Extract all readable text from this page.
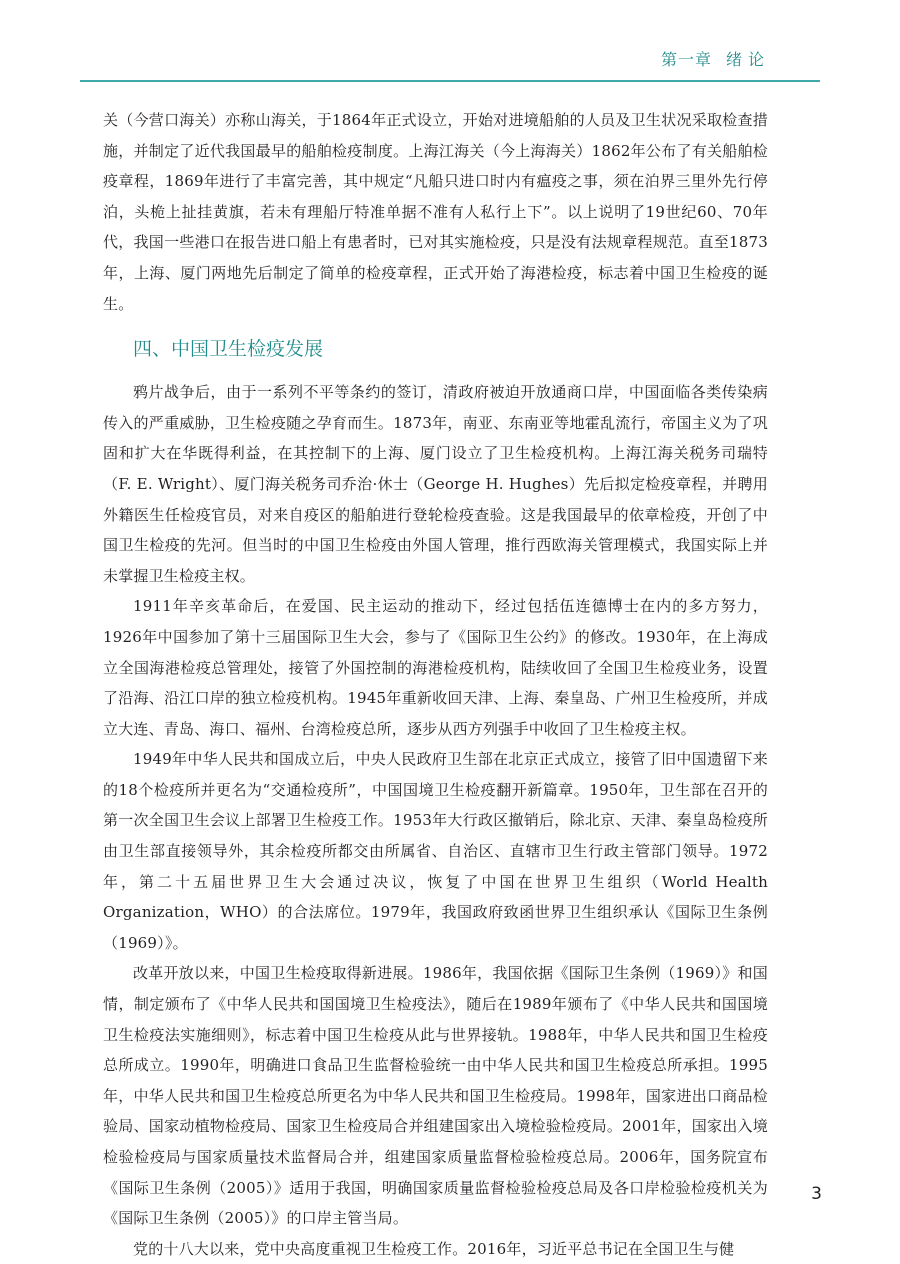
第一章 绪论

关（今营口海关）亦称山海关，于1864年正式设立，开始对进境船舶的人员及卫生状况采取检查措施，并制定了近代我国最早的船舶检疫制度。上海江海关（今上海海关）1862年公布了有关船舶检疫章程，1869年进行了丰富完善，其中规定“凡船只进口时内有瘟疫之事，须在泊界三里外先行停泊，头桅上扯挂黄旗，若未有理船厅特准单据不准有人私行上下”。以上说明了19世纪60、70年代，我国一些港口在报告进口船上有患者时，已对其实施检疫，只是没有法规章程规范。直至1873年，上海、厦门两地先后制定了简单的检疫章程，正式开始了海港检疫，标志着中国卫生检疫的诞生。

四、中国卫生检疫发展

鸦片战争后，由于一系列不平等条约的签订，清政府被迫开放通商口岸，中国面临各类传染病传入的严重威胁，卫生检疫随之孕育而生。1873年，南亚、东南亚等地霍乱流行，帝国主义为了巩固和扩大在华既得利益，在其控制下的上海、厦门设立了卫生检疫机构。上海江海关税务司瑞特（F. E. Wright）、厦门海关税务司乔治·休士（George H. Hughes）先后拟定检疫章程，并聘用外籍医生任检疫官员，对来自疫区的船舶进行登轮检疫查验。这是我国最早的依章检疫，开创了中国卫生检疫的先河。但当时的中国卫生检疫由外国人管理，推行西欧海关管理模式，我国实际上并未掌握卫生检疫主权。

1911年辛亥革命后，在爱国、民主运动的推动下，经过包括伍连德博士在内的多方努力，1926年中国参加了第十三届国际卫生大会，参与了《国际卫生公约》的修改。1930年，在上海成立全国海港检疫总管理处，接管了外国控制的海港检疫机构，陆续收回了全国卫生检疫业务，设置了沿海、沿江口岸的独立检疫机构。1945年重新收回天津、上海、秦皇岛、广州卫生检疫所，并成立大连、青岛、海口、福州、台湾检疫总所，逐步从西方列强手中收回了卫生检疫主权。

1949年中华人民共和国成立后，中央人民政府卫生部在北京正式成立，接管了旧中国遗留下来的18个检疫所并更名为“交通检疫所”，中国国境卫生检疫翻开新篇章。1950年，卫生部在召开的第一次全国卫生会议上部署卫生检疫工作。1953年大行政区撤销后，除北京、天津、秦皇岛检疫所由卫生部直接领导外，其余检疫所都交由所属省、自治区、直辖市卫生行政主管部门领导。1972年，第二十五届世界卫生大会通过决议，恢复了中国在世界卫生组织（World Health Organization，WHO）的合法席位。1979年，我国政府致函世界卫生组织承认《国际卫生条例（1969）》。

改革开放以来，中国卫生检疫取得新进展。1986年，我国依据《国际卫生条例（1969）》和国情，制定颁布了《中华人民共和国国境卫生检疫法》，随后在1989年颁布了《中华人民共和国国境卫生检疫法实施细则》，标志着中国卫生检疫从此与世界接轨。1988年，中华人民共和国卫生检疫总所成立。1990年，明确进口食品卫生监督检验统一由中华人民共和国卫生检疫总所承担。1995年，中华人民共和国卫生检疫总所更名为中华人民共和国卫生检疫局。1998年，国家进出口商品检验局、国家动植物检疫局、国家卫生检疫局合并组建国家出入境检验检疫局。2001年，国家出入境检验检疫局与国家质量技术监督局合并，组建国家质量监督检验检疫总局。2006年，国务院宣布《国际卫生条例（2005）》适用于我国，明确国家质量监督检验检疫总局及各口岸检验检疫机关为《国际卫生条例（2005）》的口岸主管当局。

党的十八大以来，党中央高度重视卫生检疫工作。2016年，习近平总书记在全国卫生与健

3
